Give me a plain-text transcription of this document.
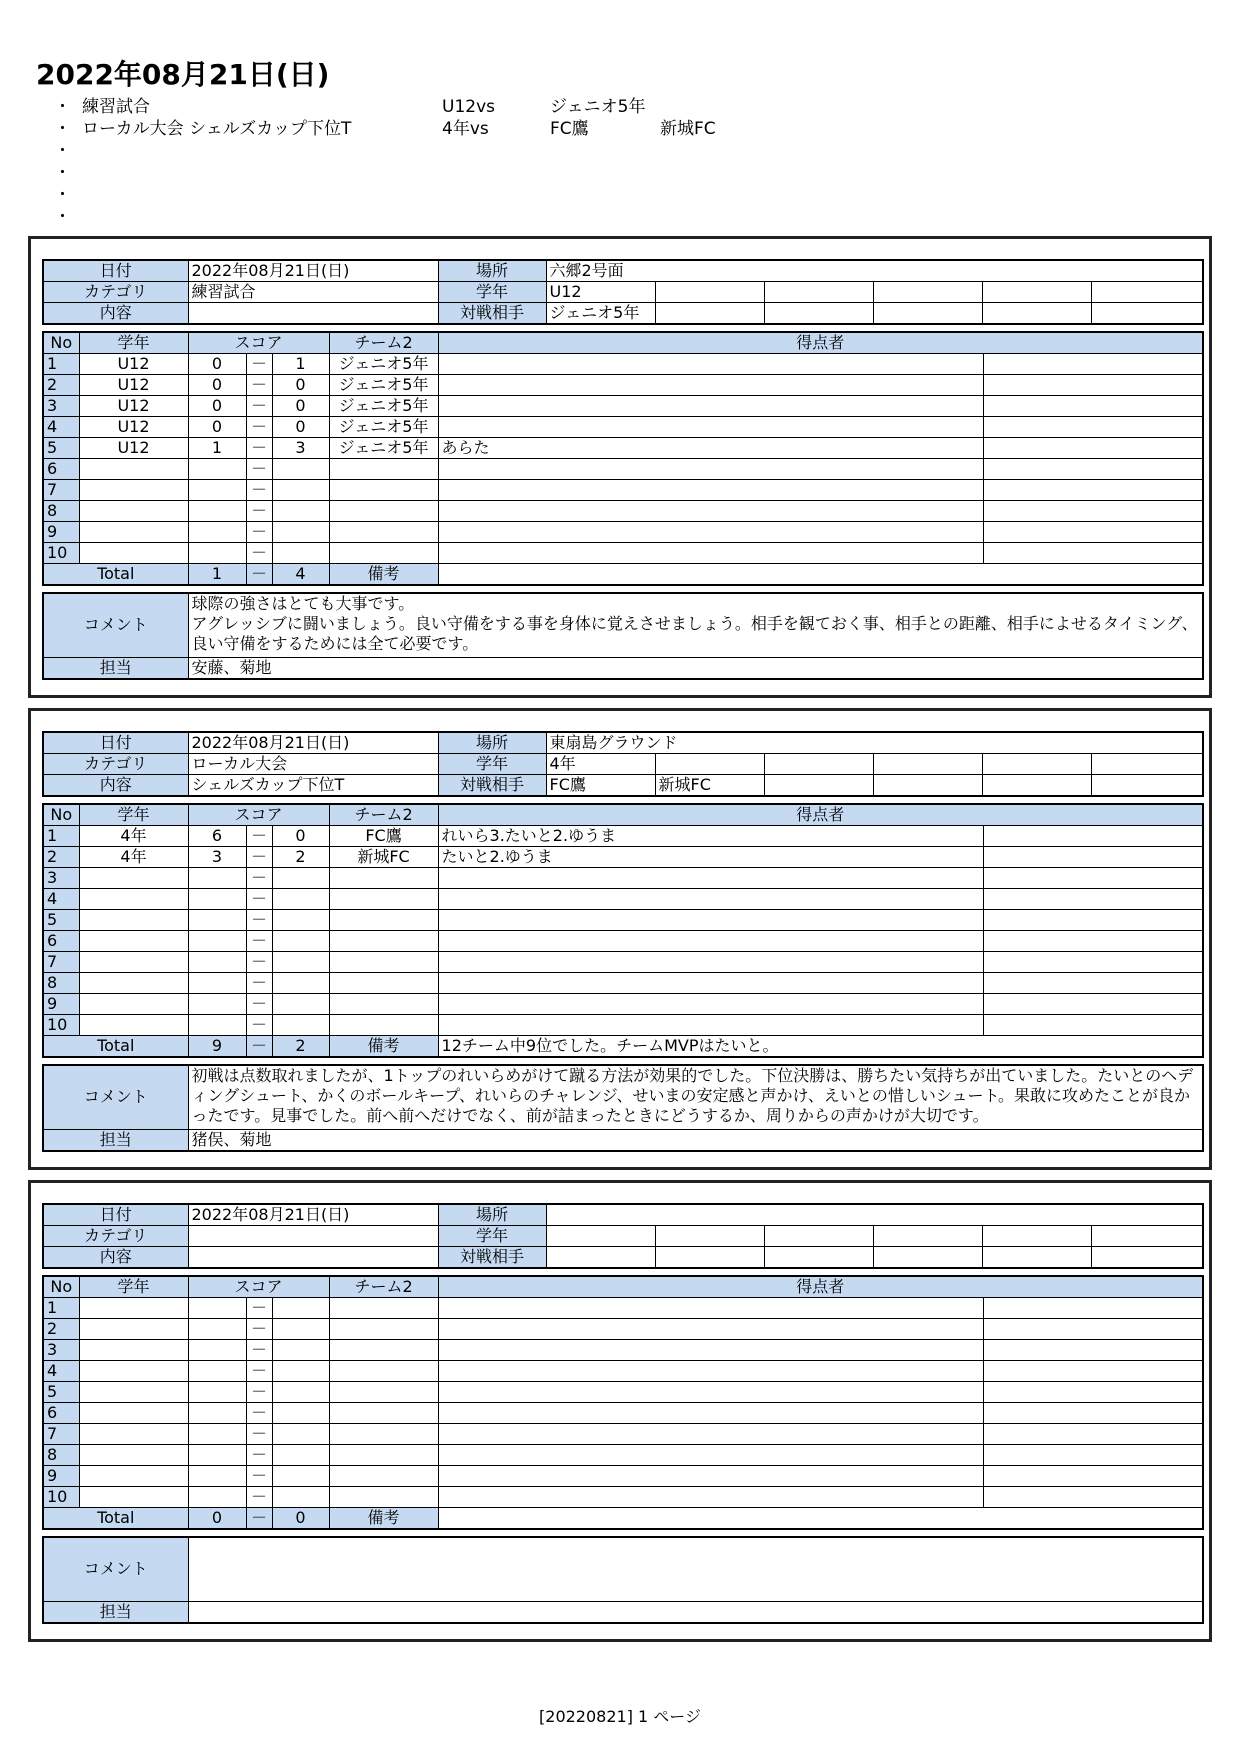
2022年08月21日(日)
・ 練習試合	U12vs	ジェニオ5年
・ ローカル大会 シェルズカップ下位T	4年vs	FC鷹	新城FC
・
・
・
・
日付	2022年08月21日(日)	場所	六郷2号面					
カテゴリ	練習試合	学年	U12					
内容		対戦相手	ジェニオ5年					
No	学年	スコア			チーム2	得点者	
1	U12	0	－	1	ジェニオ5年		
2	U12	0	－	0	ジェニオ5年		
3	U12	0	－	0	ジェニオ5年		
4	U12	0	－	0	ジェニオ5年		
5	U12	1	－	3	ジェニオ5年	あらた	
6			－				
7			－				
8			－				
9			－				
10			－				
Total		1	－	4	備考		
コメント	球際の強さはとても大事です。
アグレッシブに闘いましょう。良い守備をする事を身体に覚えさせましょう。相手を観ておく事、相手との距離、相手によせるタイミング、良い守備をするためには全て必要です。
担当	安藤、菊地
日付	2022年08月21日(日)	場所	東扇島グラウンド					
カテゴリ	ローカル大会	学年	4年					
内容	シェルズカップ下位T	対戦相手	FC鷹	新城FC				
No	学年	スコア			チーム2	得点者	
1	4年	6	－	0	FC鷹	れいら3.たいと2.ゆうま	
2	4年	3	－	2	新城FC	たいと2.ゆうま	
3			－				
4			－				
5			－				
6			－				
7			－				
8			－				
9			－				
10			－				
Total		9	－	2	備考	12チーム中9位でした。チームMVPはたいと。	
コメント	初戦は点数取れましたが、1トップのれいらめがけて蹴る方法が効果的でした。下位決勝は、勝ちたい気持ちが出ていました。たいとのヘディングシュート、かくのボールキープ、れいらのチャレンジ、せいまの安定感と声かけ、えいとの惜しいシュート。果敢に攻めたことが良かったです。見事でした。前へ前へだけでなく、前が詰まったときにどうするか、周りからの声かけが大切です。
担当	猪俣、菊地
日付	2022年08月21日(日)	場所						
カテゴリ		学年						
内容		対戦相手						
No	学年	スコア			チーム2	得点者	
1			－				
2			－				
3			－				
4			－				
5			－				
6			－				
7			－				
8			－				
9			－				
10			－				
Total		0	－	0	備考		
コメント	
担当	
[20220821] 1 ページ
